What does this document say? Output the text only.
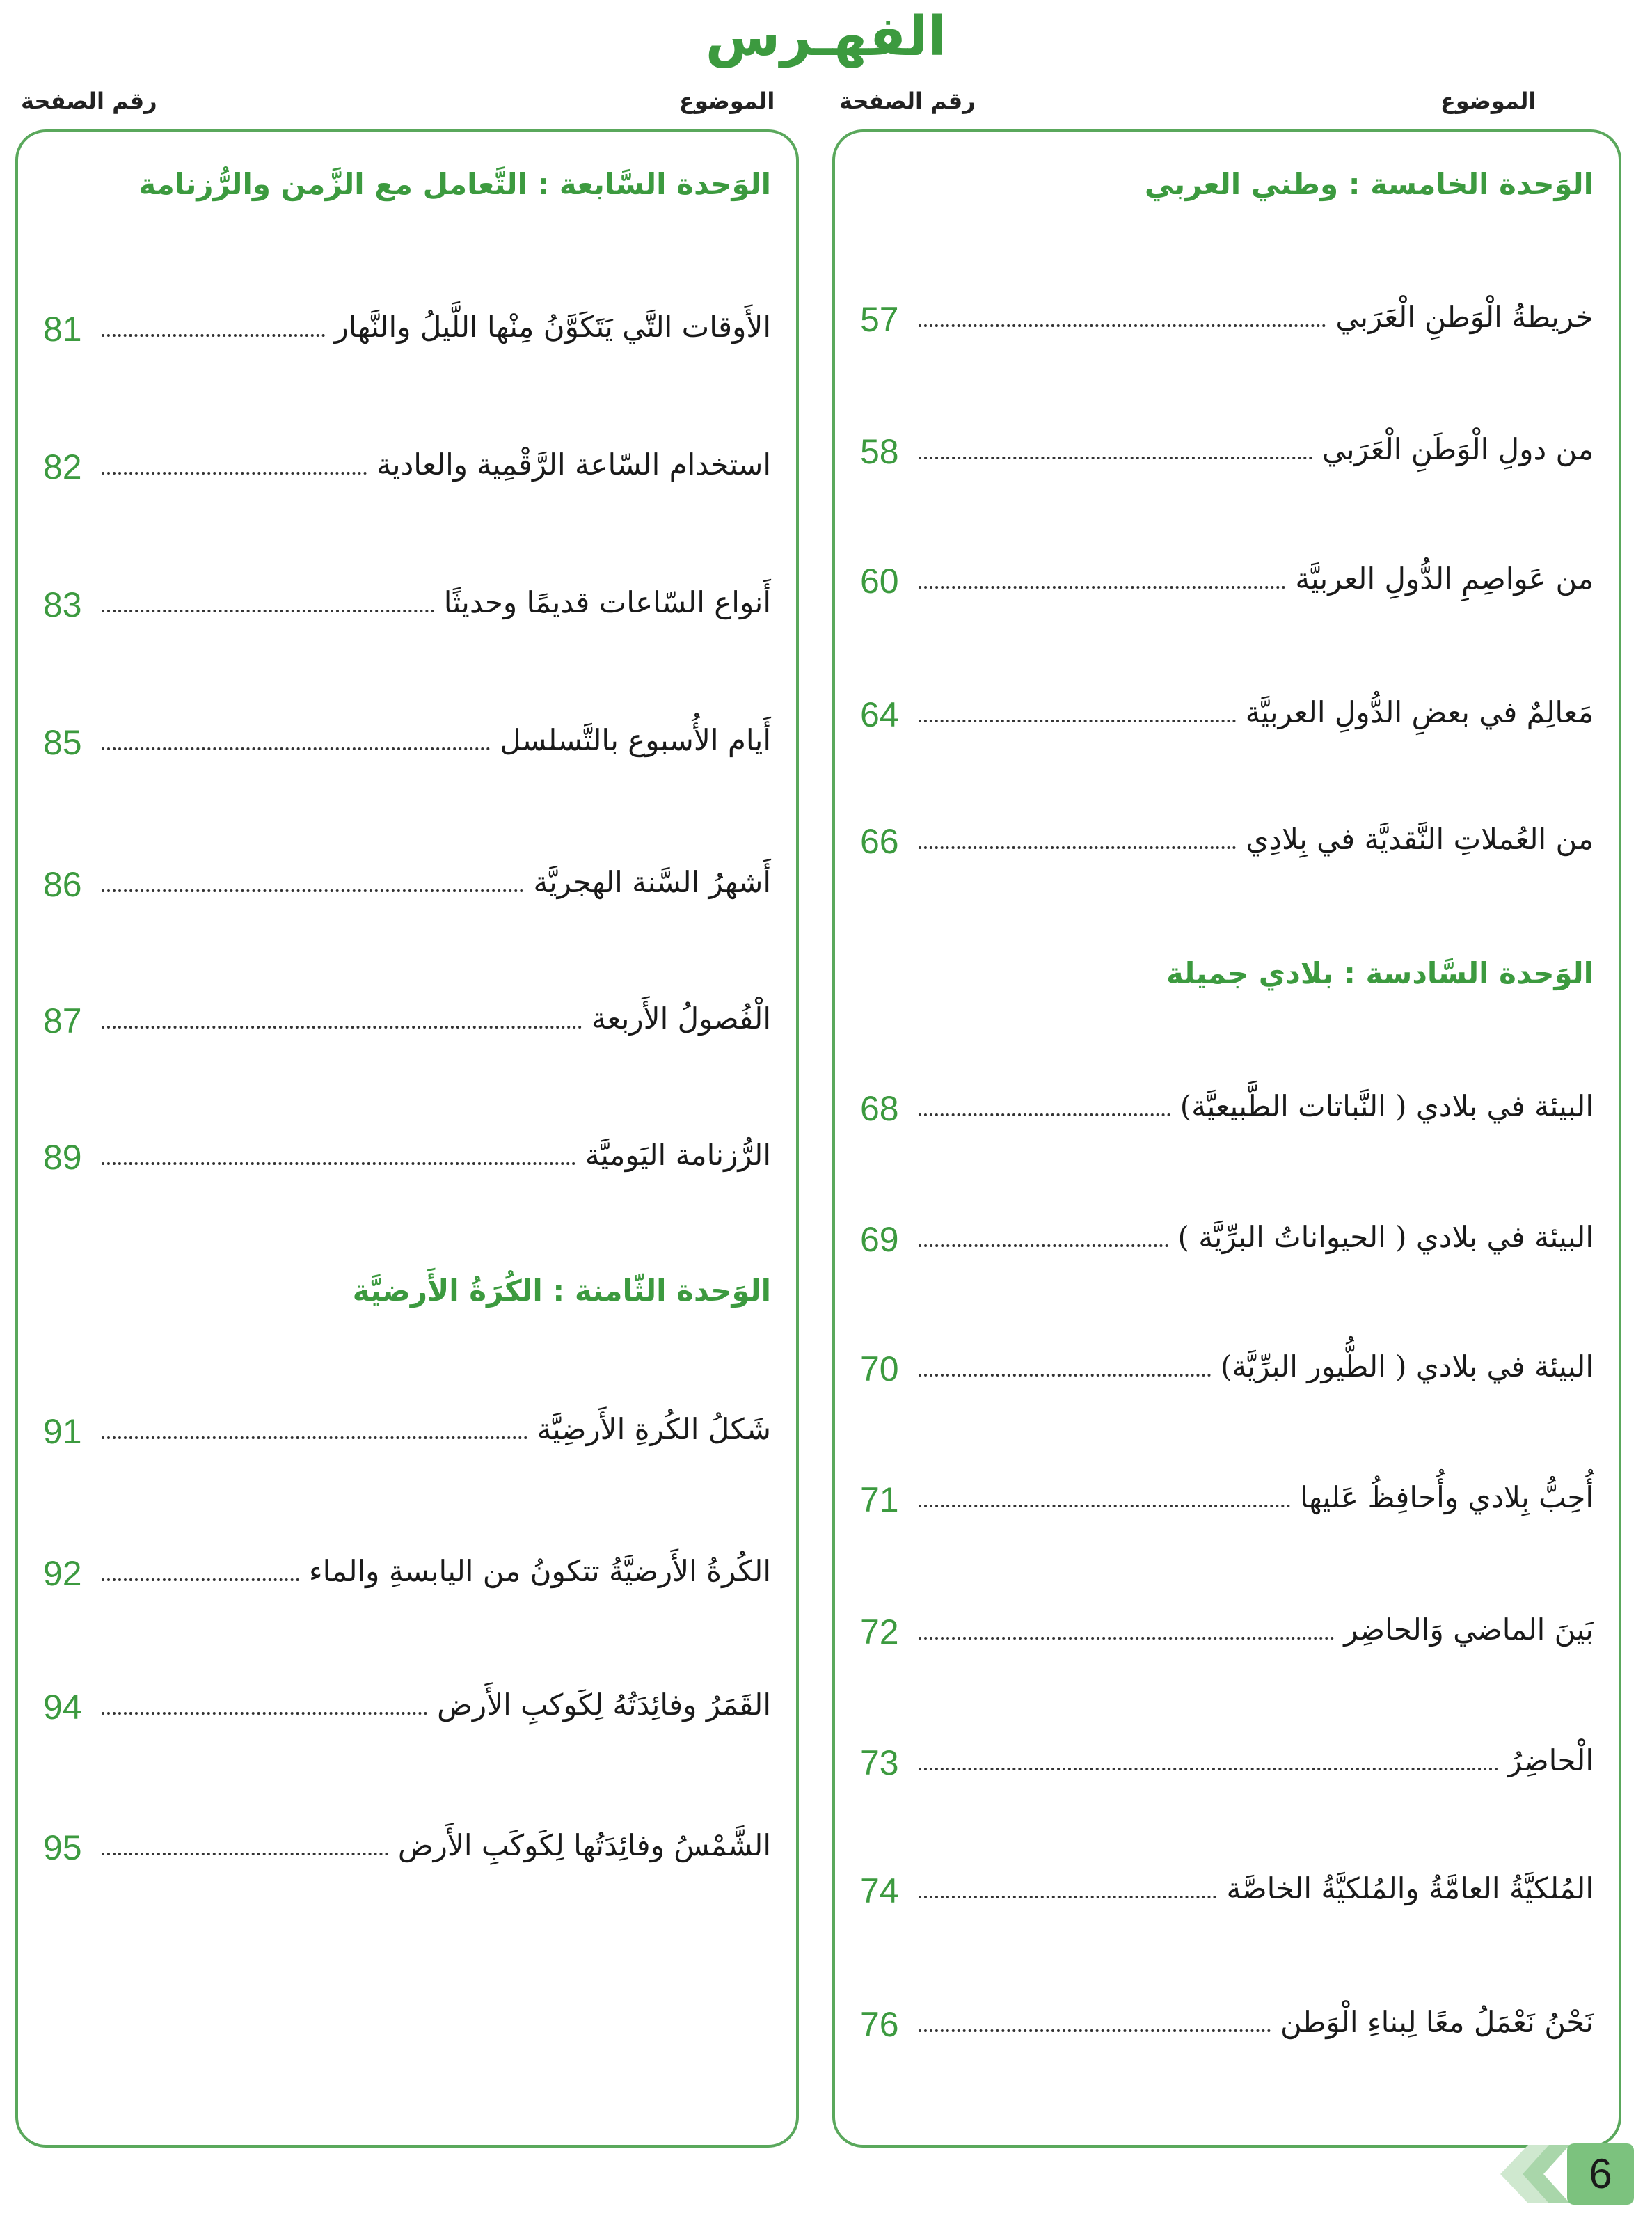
الفهـرس
الموضوع
رقم الصفحة
الموضوع
رقم الصفحة
الوَحدة الخامسة : وطني العربي
خريطةُ الْوَطنِ الْعَرَبي
57
من دولِ الْوَطَنِ الْعَرَبي
58
من عَواصِمِ الدُّولِ العربيَّة
60
مَعالِمٌ في بعضِ الدُّولِ العربيَّة
64
من العُملاتِ النَّقديَّة في بِلادِي
66
الوَحدة السَّادسة : بلادي جميلة
البيئة في بلادي ( النَّباتات الطَّبيعيَّة)
68
البيئة في بلادي ( الحيواناتُ البرِّيَّة )
69
البيئة في بلادي ( الطُّيور البرِّيَّة)
70
أُحِبُّ بِلادي وأُحافِظُ عَليها
71
بَينَ الماضي وَالحاضِر
72
الْحاضِرُ
73
المُلكيَّةُ العامَّةُ والمُلكيَّةُ الخاصَّة
74
نَحْنُ نَعْمَلُ معًا لِبناءِ الْوَطن
76
الوَحدة السَّابعة : التَّعامل مع الزَّمن والرُّزنامة
الأَوقات التَّي يَتَكَوَّنُ مِنْها اللَّيلُ والنَّهار
81
استخدام السّاعة الرَّقْمِية والعادية
82
أَنواع السّاعات قديمًا وحديثًا
83
أَيام الأُسبوع بالتَّسلسل
85
أَشهرُ السَّنة الهجريَّة
86
الْفُصولُ الأَربعة
87
الرُّزنامة اليَوميَّة
89
الوَحدة الثّامنة : الكُرَةُ الأَرضيَّة
شَكلُ الكُرةِ الأَرضِيَّة
91
الكُرةُ الأَرضيَّةُ تتكونُ من اليابسةِ والماء
92
القَمَرُ وفائِدَتُهُ لِكَوكبِ الأَرض
94
الشَّمْسُ وفائِدَتُها لِكَوكَبِ الأَرض
95
6
